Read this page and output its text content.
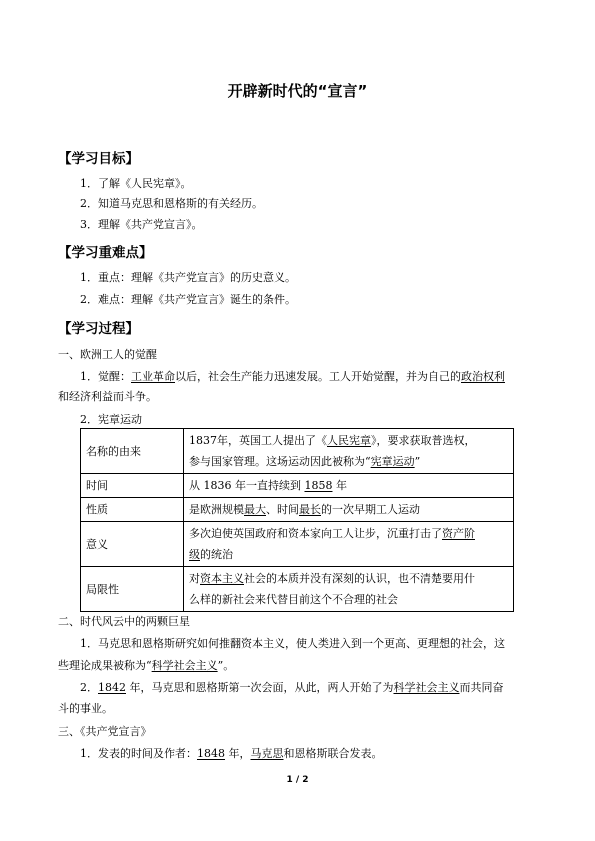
开辟新时代的“宣言”
【学习目标】
1．了解《人民宪章》。
2．知道马克思和恩格斯的有关经历。
3．理解《共产党宣言》。
【学习重难点】
1．重点：理解《共产党宣言》的历史意义。
2．难点：理解《共产党宣言》诞生的条件。
【学习过程】
一、欧洲工人的觉醒
1．觉醒：工业革命以后，社会生产能力迅速发展。工人开始觉醒，并为自己的政治权利
和经济利益而斗争。
2．宪章运动
名称的由来	1837年，英国工人提出了《人民宪章》，要求获取普选权，
参与国家管理。这场运动因此被称为“宪章运动”
时间	从 1836 年一直持续到 1858 年
性质	是欧洲规模最大、时间最长的一次早期工人运动
意义	多次迫使英国政府和资本家向工人让步，沉重打击了资产阶
级的统治
局限性	对资本主义社会的本质并没有深刻的认识，也不清楚要用什
么样的新社会来代替目前这个不合理的社会
二、时代风云中的两颗巨星
1．马克思和恩格斯研究如何推翻资本主义，使人类进入到一个更高、更理想的社会，这
些理论成果被称为“科学社会主义”。
2．1842 年，马克思和恩格斯第一次会面，从此，两人开始了为科学社会主义而共同奋
斗的事业。
三、《共产党宣言》
1．发表的时间及作者：1848 年，马克思和恩格斯联合发表。
1 / 2
